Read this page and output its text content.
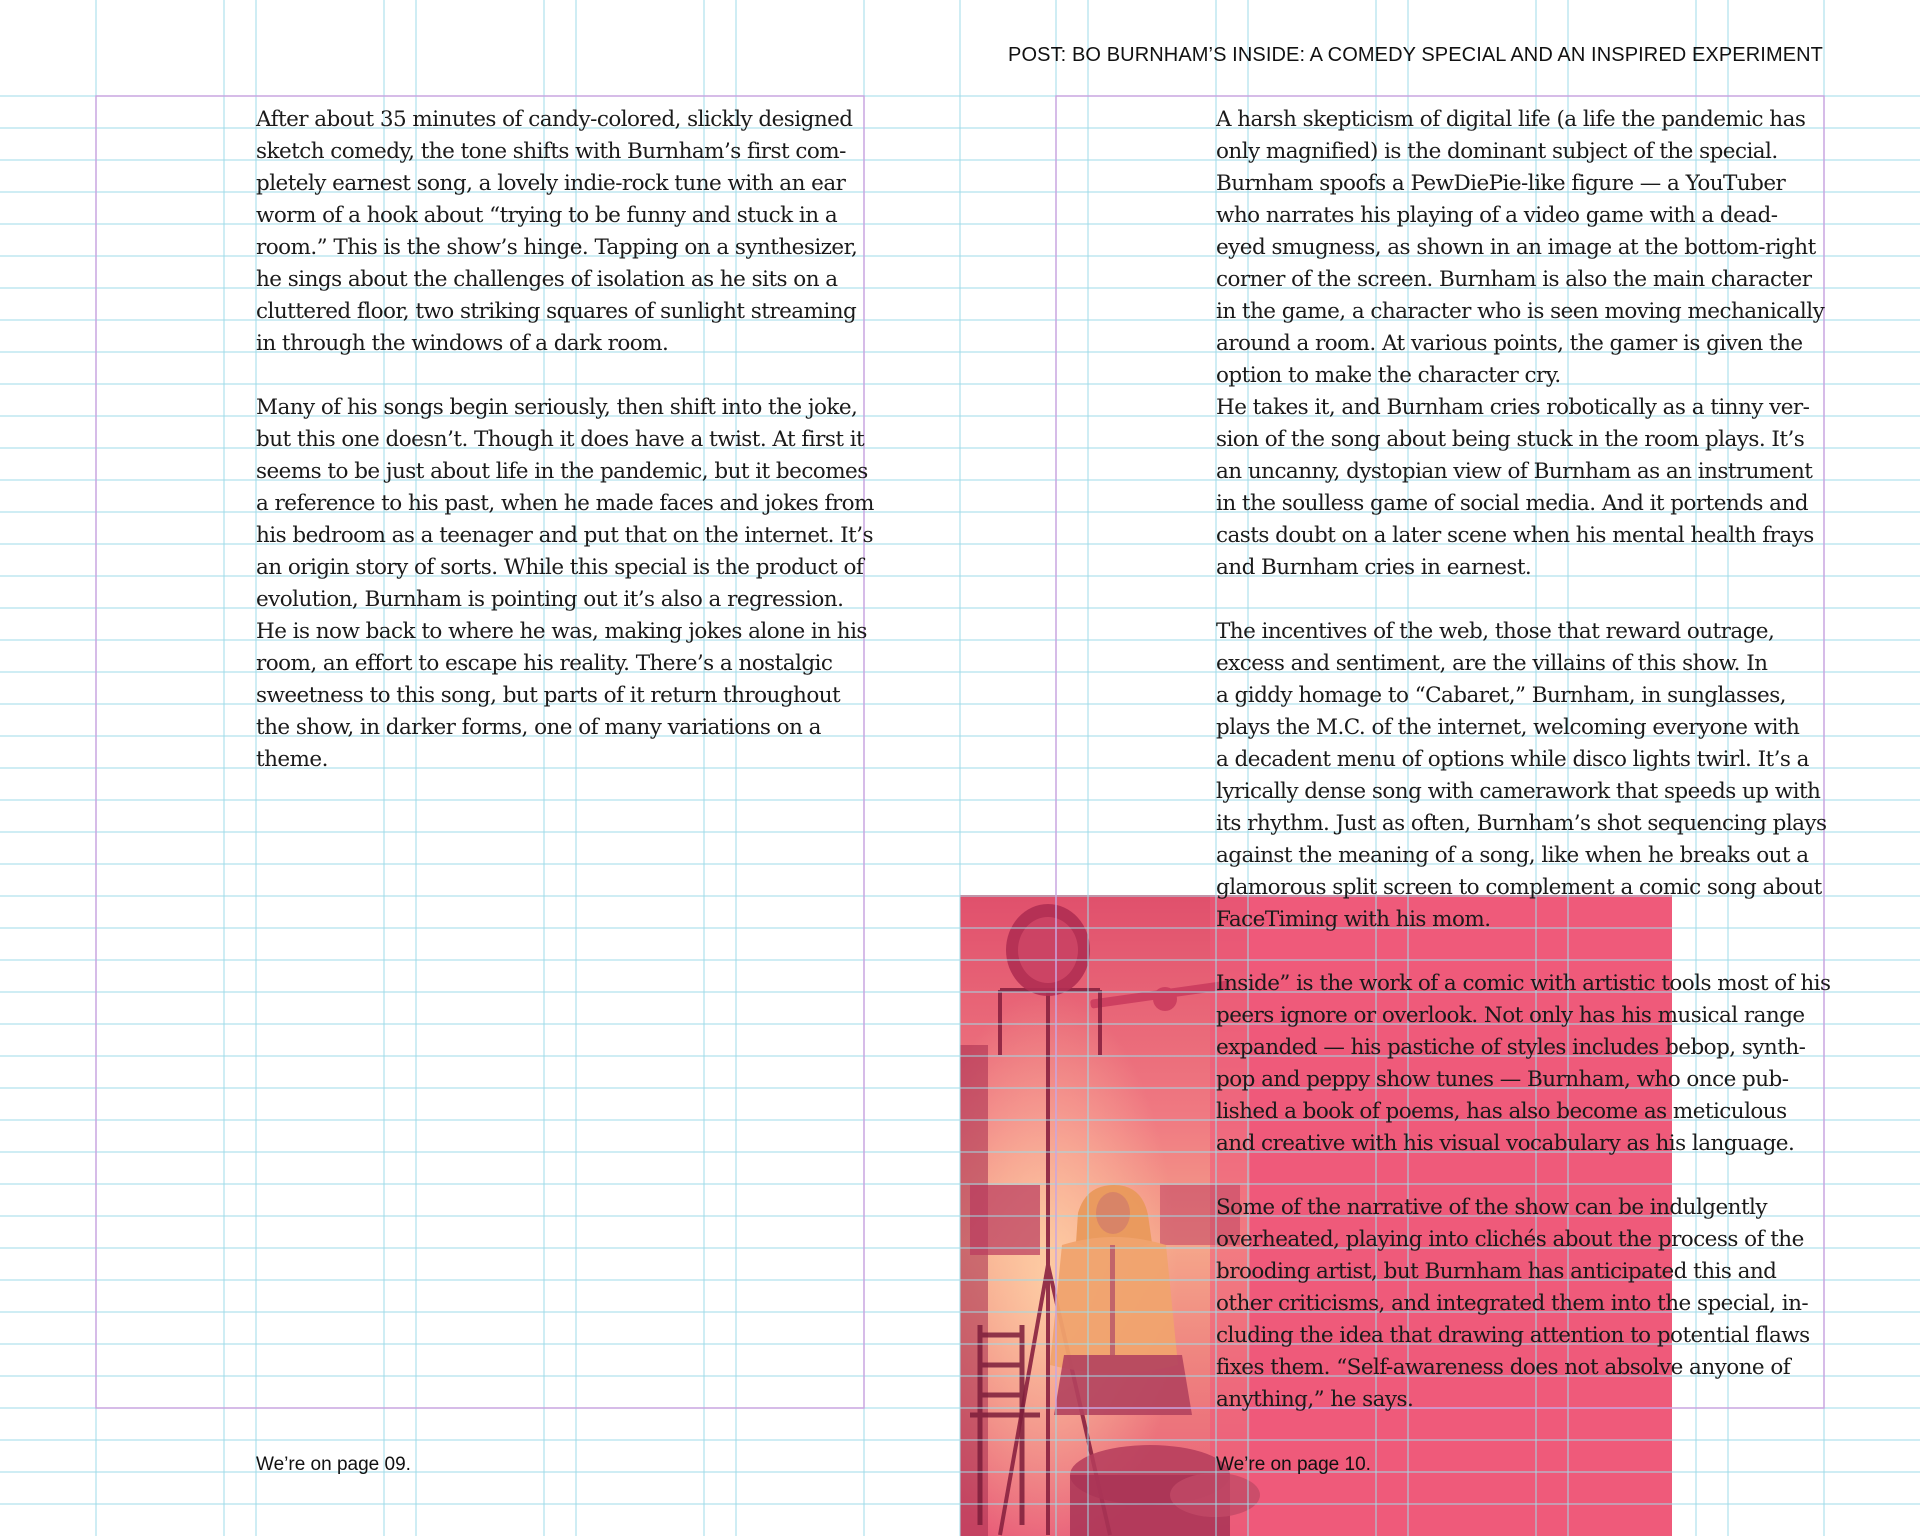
POST: BO BURNHAM’S INSIDE: A COMEDY SPECIAL AND AN INSPIRED EXPERIMENT

After about 35 minutes of candy-colored, slickly designed

sketch comedy, the tone shifts with Burnham’s first com-

pletely earnest song, a lovely indie-rock tune with an ear

worm of a hook about “trying to be funny and stuck in a

room.” This is the show’s hinge. Tapping on a synthesizer,

he sings about the challenges of isolation as he sits on a

cluttered floor, two striking squares of sunlight streaming

in through the windows of a dark room.

Many of his songs begin seriously, then shift into the joke,

but this one doesn’t. Though it does have a twist. At first it

seems to be just about life in the pandemic, but it becomes

a reference to his past, when he made faces and jokes from

his bedroom as a teenager and put that on the internet. It’s

an origin story of sorts. While this special is the product of

evolution, Burnham is pointing out it’s also a regression.

He is now back to where he was, making jokes alone in his

room, an effort to escape his reality. There’s a nostalgic

sweetness to this song, but parts of it return throughout

the show, in darker forms, one of many variations on a

theme.

A harsh skepticism of digital life (a life the pandemic has

only magnified) is the dominant subject of the special.

Burnham spoofs a PewDiePie-like figure — a YouTuber

who narrates his playing of a video game with a dead-

eyed smugness, as shown in an image at the bottom-right

corner of the screen. Burnham is also the main character

in the game, a character who is seen moving mechanically

around a room. At various points, the gamer is given the

option to make the character cry.

He takes it, and Burnham cries robotically as a tinny ver-

sion of the song about being stuck in the room plays. It’s

an uncanny, dystopian view of Burnham as an instrument

in the soulless game of social media. And it portends and

casts doubt on a later scene when his mental health frays

and Burnham cries in earnest.

The incentives of the web, those that reward outrage,

excess and sentiment, are the villains of this show. In

a giddy homage to “Cabaret,” Burnham, in sunglasses,

plays the M.C. of the internet, welcoming everyone with

a decadent menu of options while disco lights twirl. It’s a

lyrically dense song with camerawork that speeds up with

its rhythm. Just as often, Burnham’s shot sequencing plays

against the meaning of a song, like when he breaks out a

glamorous split screen to complement a comic song about

FaceTiming with his mom.

Inside” is the work of a comic with artistic tools most of his

peers ignore or overlook. Not only has his musical range

expanded — his pastiche of styles includes bebop, synth-

pop and peppy show tunes — Burnham, who once pub-

lished a book of poems, has also become as meticulous

and creative with his visual vocabulary as his language.

Some of the narrative of the show can be indulgently

overheated, playing into clichés about the process of the

brooding artist, but Burnham has anticipated this and

other criticisms, and integrated them into the special, in-

cluding the idea that drawing attention to potential flaws

fixes them. “Self-awareness does not absolve anyone of

anything,” he says.

We’re on page 09.	We’re on page 10.
